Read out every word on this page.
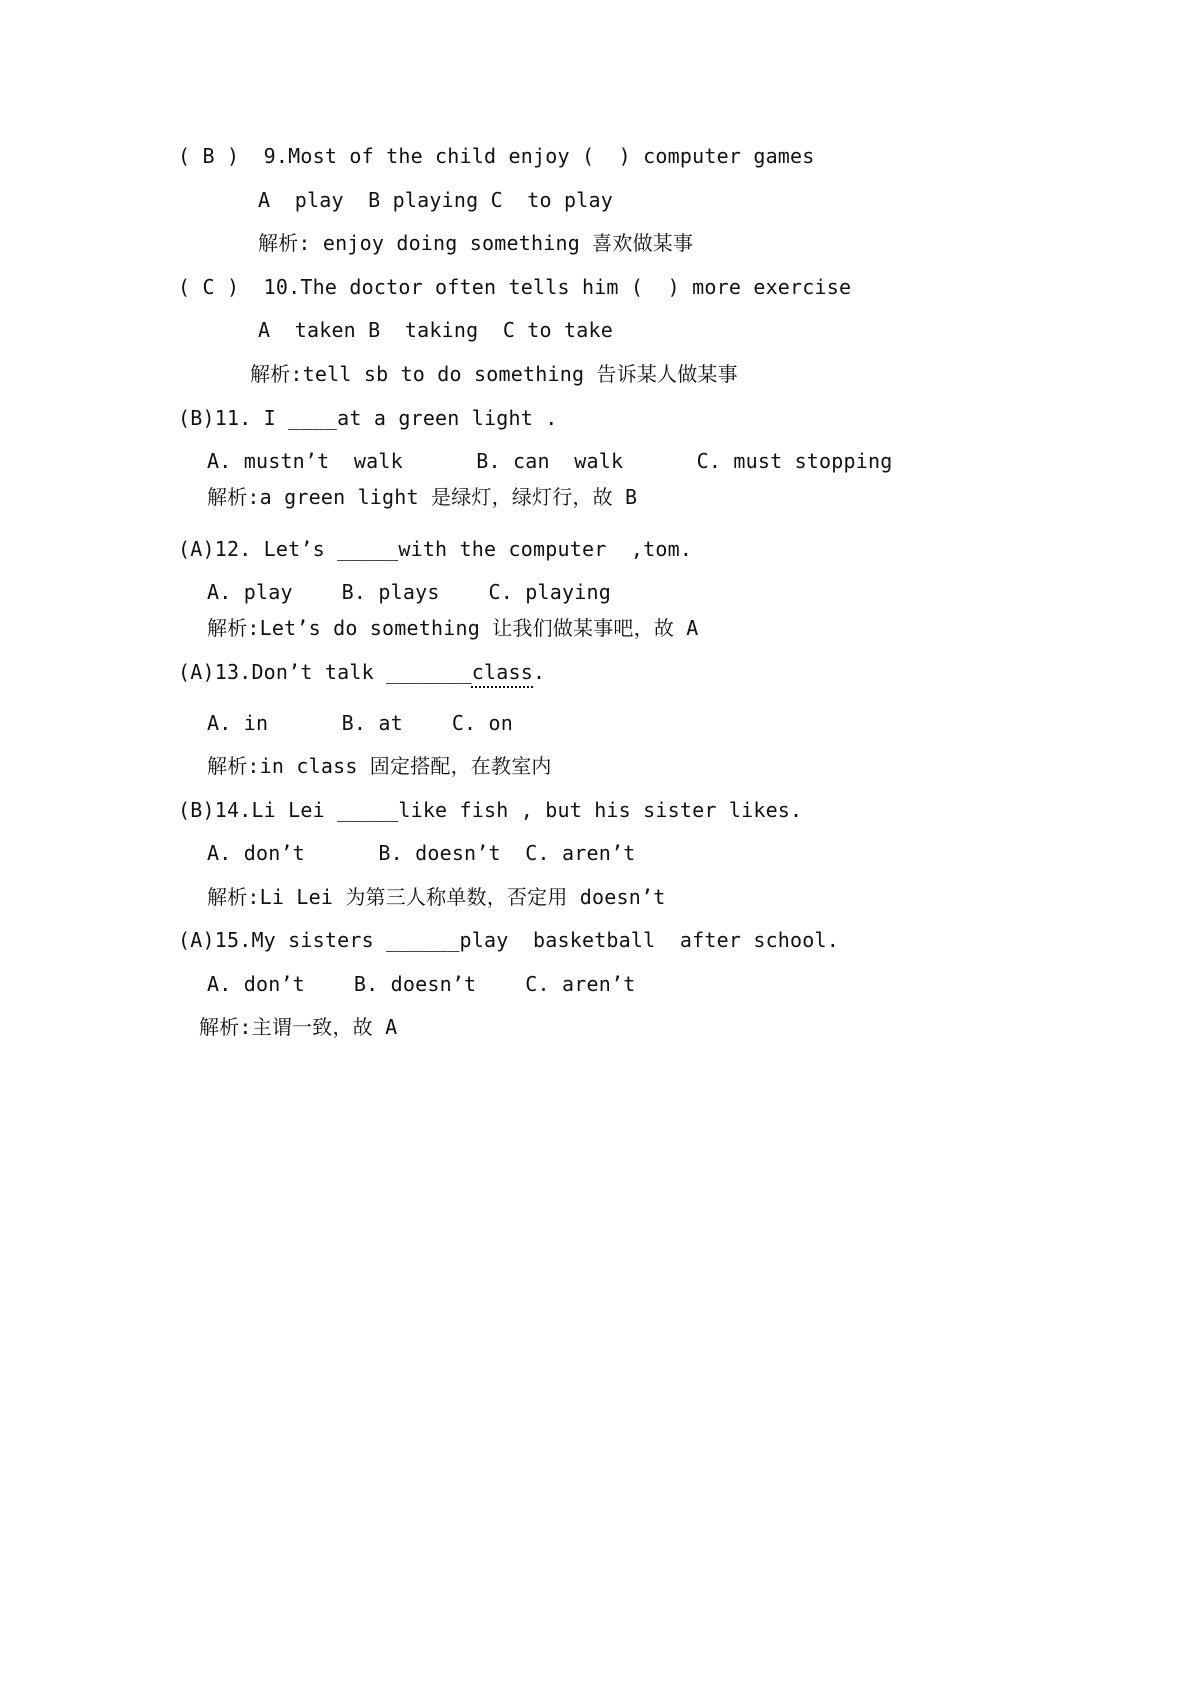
( B )  9.Most of the child enjoy (  ) computer games

A  play  B playing C  to play

解析: enjoy doing something 喜欢做某事

( C )  10.The doctor often tells him (  ) more exercise

A  taken B  taking  C to take

解析:tell sb to do something 告诉某人做某事

(B)11. I ____at a green light .

A. mustn’t  walk      B. can  walk      C. must stopping

解析:a green light 是绿灯，绿灯行，故 B

(A)12. Let’s _____with the computer  ,tom.

A. play    B. plays    C. playing

解析:Let’s do something 让我们做某事吧，故 A

(A)13.Don’t talk _______class.

A. in      B. at    C. on

解析:in class 固定搭配，在教室内

(B)14.Li Lei _____like fish , but his sister likes.

A. don’t      B. doesn’t  C. aren’t

解析:Li Lei 为第三人称单数，否定用 doesn’t

(A)15.My sisters ______play  basketball  after school.

A. don’t    B. doesn’t    C. aren’t

解析:主谓一致，故 A
